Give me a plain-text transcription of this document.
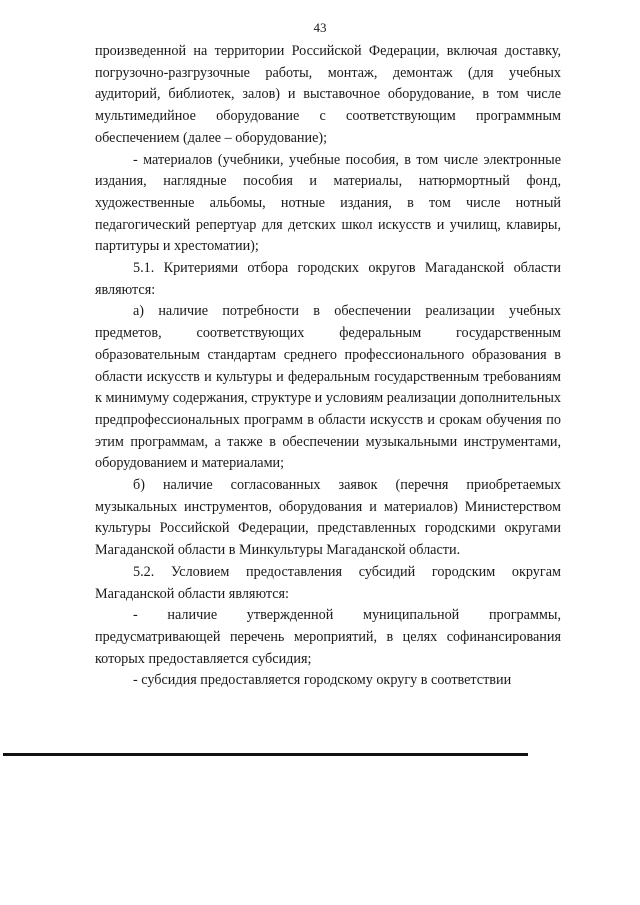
43

произведенной на территории Российской Федерации, включая доставку, погрузочно-разгрузочные работы, монтаж, демонтаж (для учебных аудиторий, библиотек, залов) и выставочное оборудование, в том числе мультимедийное оборудование с соответствующим программным обеспечением (далее – оборудование);

- материалов (учебники, учебные пособия, в том числе электронные издания, наглядные пособия и материалы, натюрмортный фонд, художественные альбомы, нотные издания, в том числе нотный педагогический репертуар для детских школ искусств и училищ, клавиры, партитуры и хрестоматии);

5.1. Критериями отбора городских округов Магаданской области являются:

а) наличие потребности в обеспечении реализации учебных предметов, соответствующих федеральным государственным образовательным стандартам среднего профессионального образования в области искусств и культуры и федеральным государственным требованиям к минимуму содержания, структуре и условиям реализации дополнительных предпрофессиональных программ в области искусств и срокам обучения по этим программам, а также в обеспечении музыкальными инструментами, оборудованием и материалами;

б) наличие согласованных заявок (перечня приобретаемых музыкальных инструментов, оборудования и материалов) Министерством культуры Российской Федерации, представленных городскими округами Магаданской области в Минкультуры Магаданской области.

5.2. Условием предоставления субсидий городским округам Магаданской области являются:

- наличие утвержденной муниципальной программы, предусматривающей перечень мероприятий, в целях софинансирования которых предоставляется субсидия;

- субсидия предоставляется городскому округу в соответствии
